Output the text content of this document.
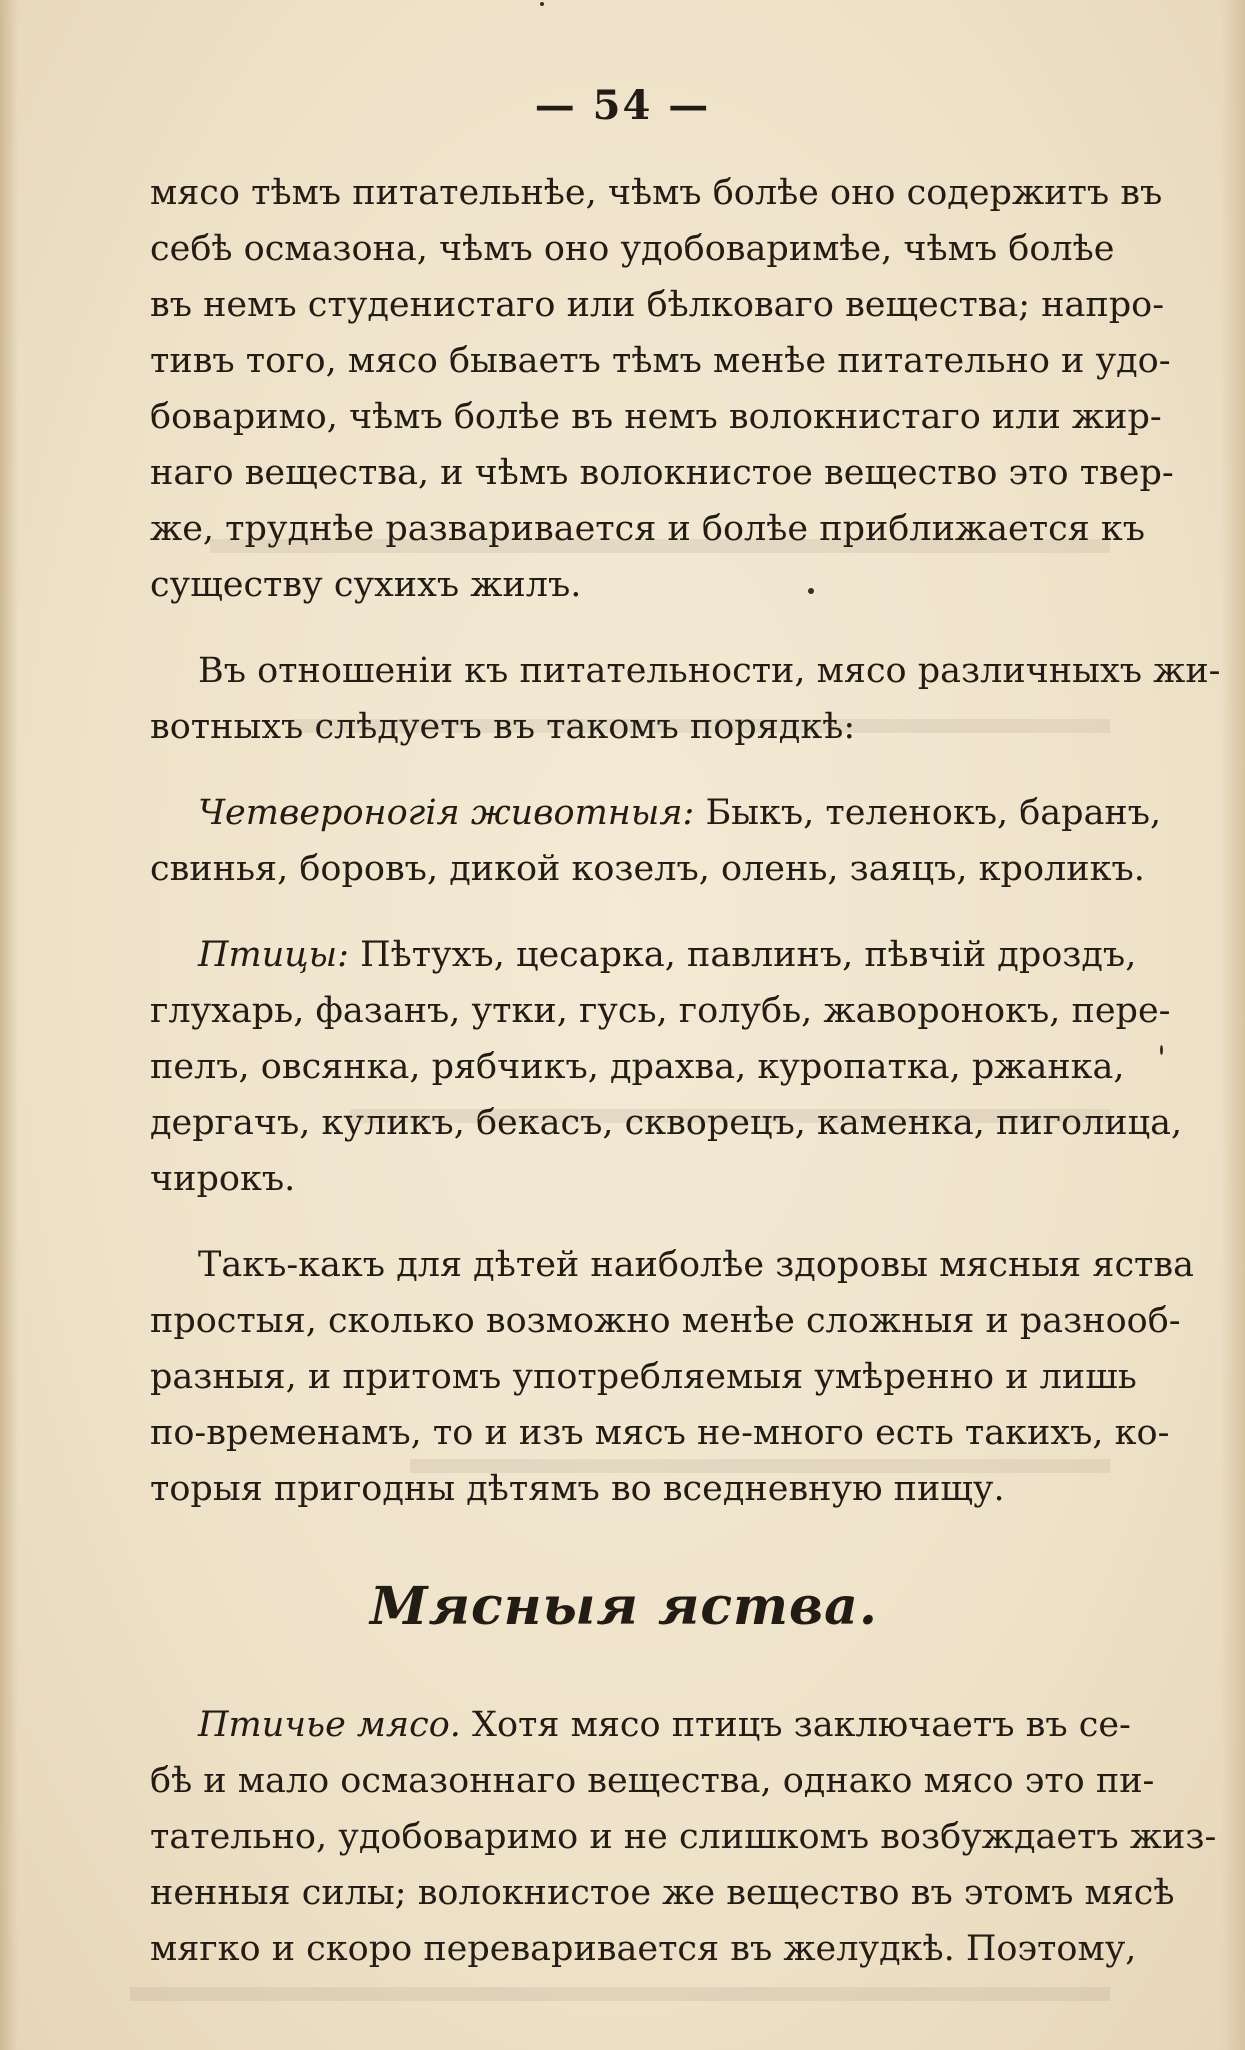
— 54 —
мясо тѣмъ питательнѣе, чѣмъ болѣе оно содержитъ въ
себѣ осмазона, чѣмъ оно удобоваримѣе, чѣмъ болѣе
въ немъ студенистаго или бѣлковаго вещества; напро-
тивъ того, мясо бываетъ тѣмъ менѣе питательно и удо-
боваримо, чѣмъ болѣе въ немъ волокнистаго или жир-
наго вещества, и чѣмъ волокнистое вещество это твер-
же, труднѣе разваривается и болѣе приближается къ
существу сухихъ жилъ.
Въ отношеніи къ питательности, мясо различныхъ жи-
вотныхъ слѣдуетъ въ такомъ порядкѣ:
Четвероногія животныя: Быкъ, теленокъ, баранъ,
свинья, боровъ, дикой козелъ, олень, заяцъ, кроликъ.
Птицы: Пѣтухъ, цесарка, павлинъ, пѣвчій дроздъ,
глухарь, фазанъ, утки, гусь, голубь, жаворонокъ, пере-
пелъ, овсянка, рябчикъ, драхва, куропатка, ржанка,
дергачъ, куликъ, бекасъ, скворецъ, каменка, пиголица,
чирокъ.
Такъ-какъ для дѣтей наиболѣе здоровы мясныя яства
простыя, сколько возможно менѣе сложныя и разнооб-
разныя, и притомъ употребляемыя умѣренно и лишь
по-временамъ, то и изъ мясъ не-много есть такихъ, ко-
торыя пригодны дѣтямъ во вседневную пищу.
Мясныя яства.
Птичье мясо. Хотя мясо птицъ заключаетъ въ се-
бѣ и мало осмазоннаго вещества, однако мясо это пи-
тательно, удобоваримо и не слишкомъ возбуждаетъ жиз-
ненныя силы; волокнистое же вещество въ этомъ мясѣ
мягко и скоро переваривается въ желудкѣ. Поэтому,
